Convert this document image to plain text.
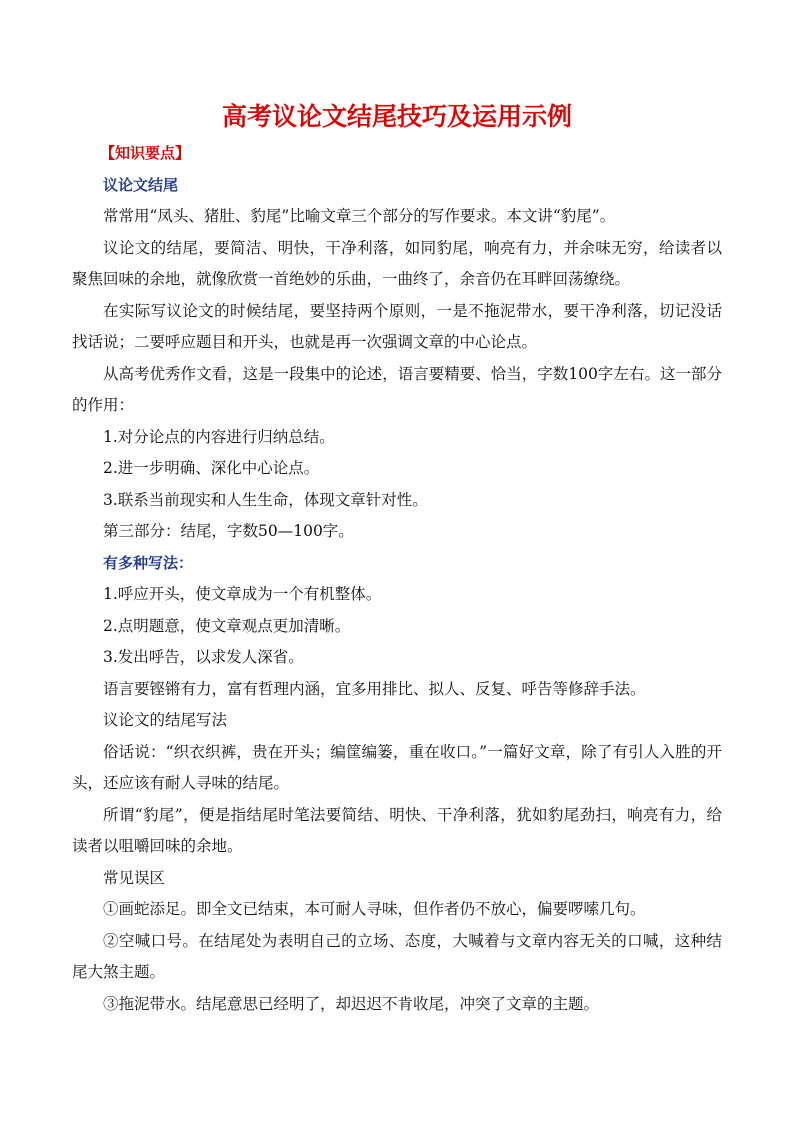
高考议论文结尾技巧及运用示例
【知识要点】
议论文结尾

常常用“凤头、猪肚、豹尾”比喻文章三个部分的写作要求。本文讲“豹尾”。

议论文的结尾，要简洁、明快，干净利落，如同豹尾，响亮有力，并余味无穷，给读者以聚焦回味的余地，就像欣赏一首绝妙的乐曲，一曲终了，余音仍在耳畔回荡缭绕。

在实际写议论文的时候结尾，要坚持两个原则，一是不拖泥带水，要干净利落，切记没话找话说；二要呼应题目和开头，也就是再一次强调文章的中心论点。

从高考优秀作文看，这是一段集中的论述，语言要精要、恰当，字数100字左右。这一部分的作用：

1.对分论点的内容进行归纳总结。

2.进一步明确、深化中心论点。

3.联系当前现实和人生生命，体现文章针对性。

第三部分：结尾，字数50—100字。

有多种写法：

1.呼应开头，使文章成为一个有机整体。

2.点明题意，使文章观点更加清晰。

3.发出呼告，以求发人深省。

语言要铿锵有力，富有哲理内涵，宜多用排比、拟人、反复、呼告等修辞手法。

议论文的结尾写法

俗话说：“织衣织裤，贵在开头；编筐编篓，重在收口。”一篇好文章，除了有引人入胜的开头，还应该有耐人寻味的结尾。

所谓“豹尾”，便是指结尾时笔法要简结、明快、干净利落，犹如豹尾劲扫，响亮有力，给读者以咀嚼回味的余地。

常见误区

①画蛇添足。即全文已结束，本可耐人寻味，但作者仍不放心，偏要啰嗦几句。

②空喊口号。在结尾处为表明自己的立场、态度，大喊着与文章内容无关的口喊，这种结尾大煞主题。

③拖泥带水。结尾意思已经明了，却迟迟不肯收尾，冲突了文章的主题。
